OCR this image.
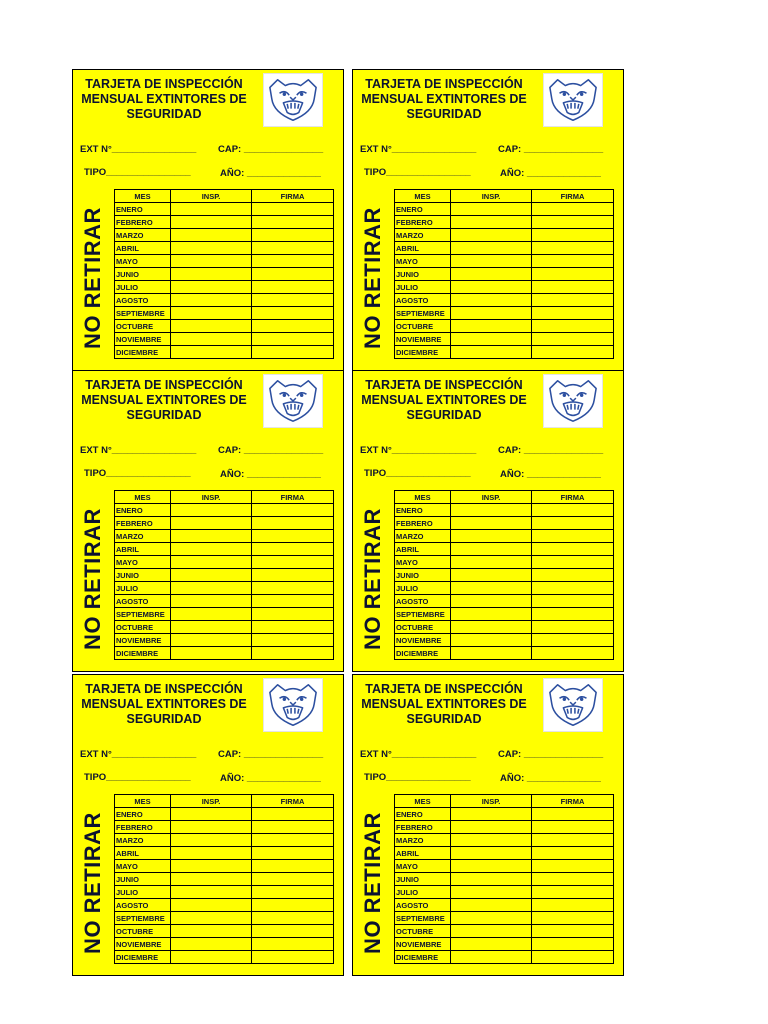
TARJETA DE INSPECCIÓN MENSUAL EXTINTORES DE SEGURIDAD
EXT N°________________ CAP: _______________
TIPO________________	AÑO: ______________
NO RETIRAR
MES	INSP.	FIRMA
ENERO		
FEBRERO		
MARZO		
ABRIL		
MAYO		
JUNIO		
JULIO		
AGOSTO		
SEPTIEMBRE		
OCTUBRE		
NOVIEMBRE		
DICIEMBRE		
TARJETA DE INSPECCIÓN MENSUAL EXTINTORES DE SEGURIDAD
EXT N°________________ CAP: _______________
TIPO________________	AÑO: ______________
NO RETIRAR
MES	INSP.	FIRMA
ENERO		
FEBRERO		
MARZO		
ABRIL		
MAYO		
JUNIO		
JULIO		
AGOSTO		
SEPTIEMBRE		
OCTUBRE		
NOVIEMBRE		
DICIEMBRE		
TARJETA DE INSPECCIÓN MENSUAL EXTINTORES DE SEGURIDAD
EXT N°________________ CAP: _______________
TIPO________________	AÑO: ______________
NO RETIRAR
MES	INSP.	FIRMA
ENERO		
FEBRERO		
MARZO		
ABRIL		
MAYO		
JUNIO		
JULIO		
AGOSTO		
SEPTIEMBRE		
OCTUBRE		
NOVIEMBRE		
DICIEMBRE		
TARJETA DE INSPECCIÓN MENSUAL EXTINTORES DE SEGURIDAD
EXT N°________________ CAP: _______________
TIPO________________	AÑO: ______________
NO RETIRAR
MES	INSP.	FIRMA
ENERO		
FEBRERO		
MARZO		
ABRIL		
MAYO		
JUNIO		
JULIO		
AGOSTO		
SEPTIEMBRE		
OCTUBRE		
NOVIEMBRE		
DICIEMBRE		
TARJETA DE INSPECCIÓN MENSUAL EXTINTORES DE SEGURIDAD
EXT N°________________ CAP: _______________
TIPO________________	AÑO: ______________
NO RETIRAR
MES	INSP.	FIRMA
ENERO		
FEBRERO		
MARZO		
ABRIL		
MAYO		
JUNIO		
JULIO		
AGOSTO		
SEPTIEMBRE		
OCTUBRE		
NOVIEMBRE		
DICIEMBRE		
TARJETA DE INSPECCIÓN MENSUAL EXTINTORES DE SEGURIDAD
EXT N°________________ CAP: _______________
TIPO________________	AÑO: ______________
NO RETIRAR
MES	INSP.	FIRMA
ENERO		
FEBRERO		
MARZO		
ABRIL		
MAYO		
JUNIO		
JULIO		
AGOSTO		
SEPTIEMBRE		
OCTUBRE		
NOVIEMBRE		
DICIEMBRE		
